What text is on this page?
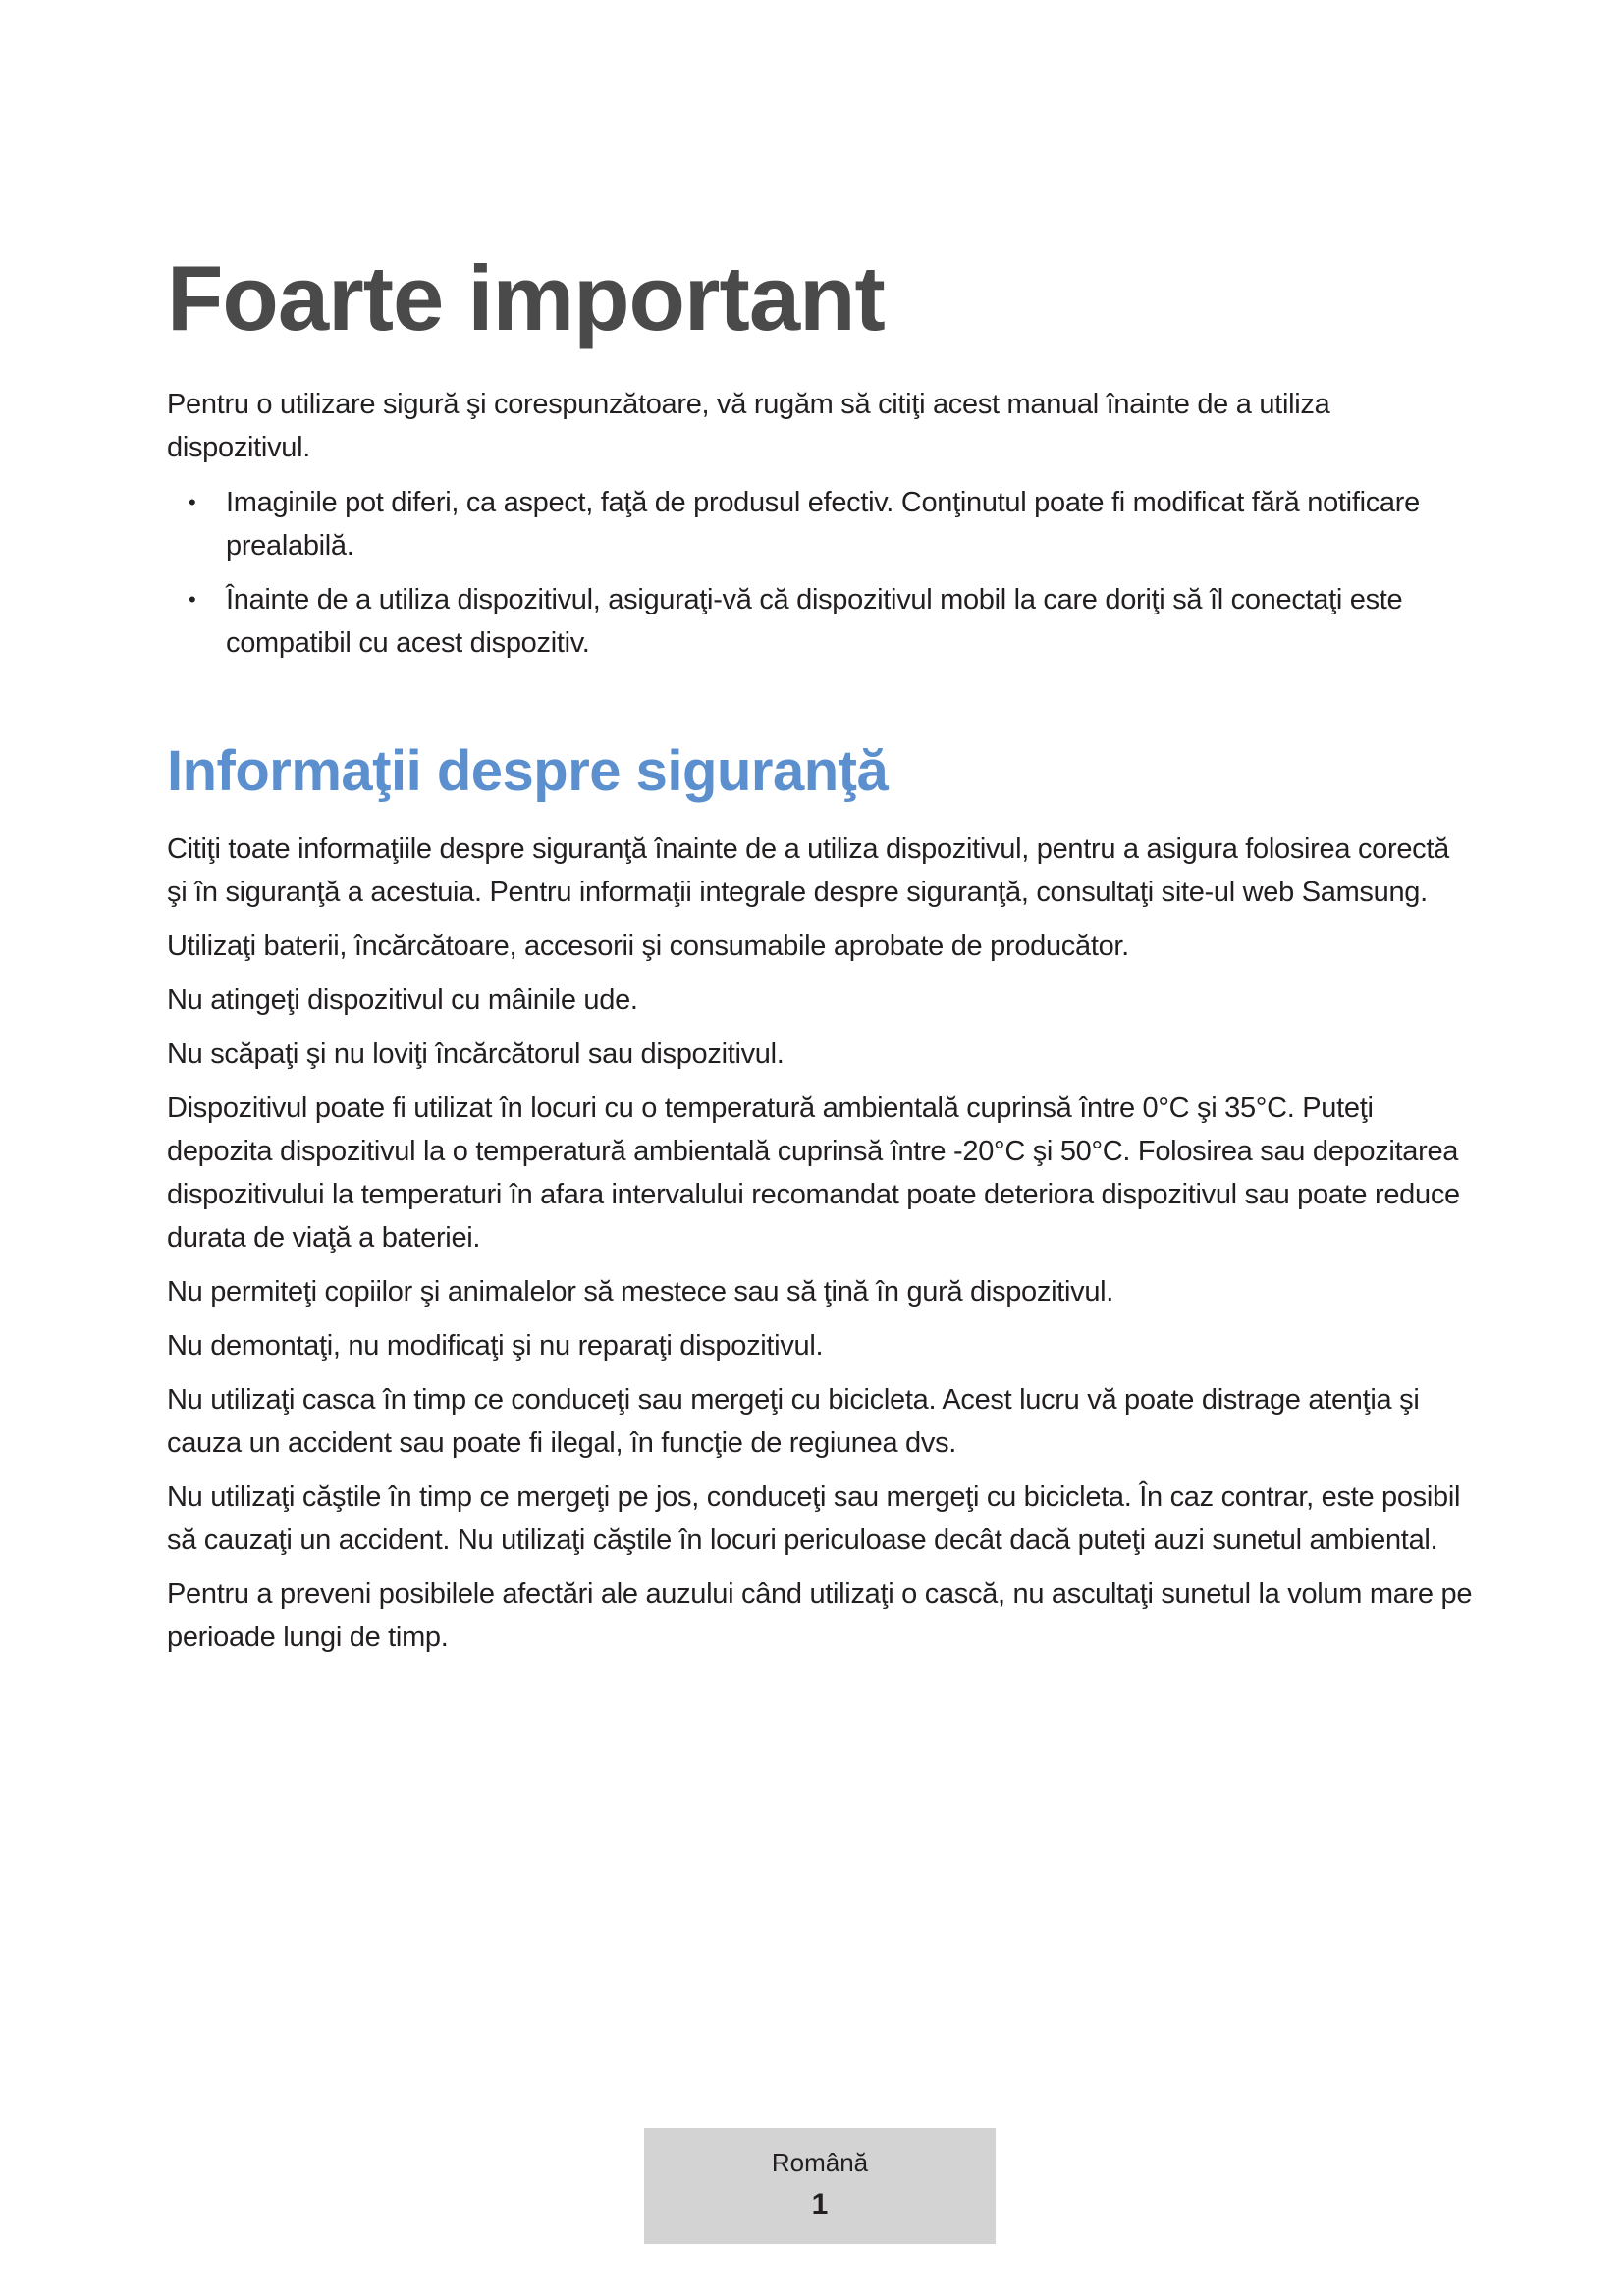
Foarte important

Pentru o utilizare sigură şi corespunzătoare, vă rugăm să citiţi acest manual înainte de a utiliza dispozitivul.

• Imaginile pot diferi, ca aspect, faţă de produsul efectiv. Conţinutul poate fi modificat fără notificare prealabilă.
• Înainte de a utiliza dispozitivul, asiguraţi-vă că dispozitivul mobil la care doriţi să îl conectaţi este compatibil cu acest dispozitiv.
Informaţii despre siguranţă

Citiţi toate informaţiile despre siguranţă înainte de a utiliza dispozitivul, pentru a asigura folosirea corectă şi în siguranţă a acestuia. Pentru informaţii integrale despre siguranţă, consultaţi site-ul web Samsung.

Utilizaţi baterii, încărcătoare, accesorii şi consumabile aprobate de producător.

Nu atingeţi dispozitivul cu mâinile ude.

Nu scăpaţi şi nu loviţi încărcătorul sau dispozitivul.

Dispozitivul poate fi utilizat în locuri cu o temperatură ambientală cuprinsă între 0°C şi 35°C. Puteţi depozita dispozitivul la o temperatură ambientală cuprinsă între -20°C şi 50°C. Folosirea sau depozitarea dispozitivului la temperaturi în afara intervalului recomandat poate deteriora dispozitivul sau poate reduce durata de viaţă a bateriei.

Nu permiteţi copiilor şi animalelor să mestece sau să ţină în gură dispozitivul.

Nu demontaţi, nu modificaţi şi nu reparaţi dispozitivul.

Nu utilizaţi casca în timp ce conduceţi sau mergeţi cu bicicleta. Acest lucru vă poate distrage atenţia şi cauza un accident sau poate fi ilegal, în funcţie de regiunea dvs.

Nu utilizaţi căştile în timp ce mergeţi pe jos, conduceţi sau mergeţi cu bicicleta. În caz contrar, este posibil să cauzaţi un accident. Nu utilizaţi căştile în locuri periculoase decât dacă puteţi auzi sunetul ambiental.

Pentru a preveni posibilele afectări ale auzului când utilizaţi o cască, nu ascultaţi sunetul la volum mare pe perioade lungi de timp.

Română
1
